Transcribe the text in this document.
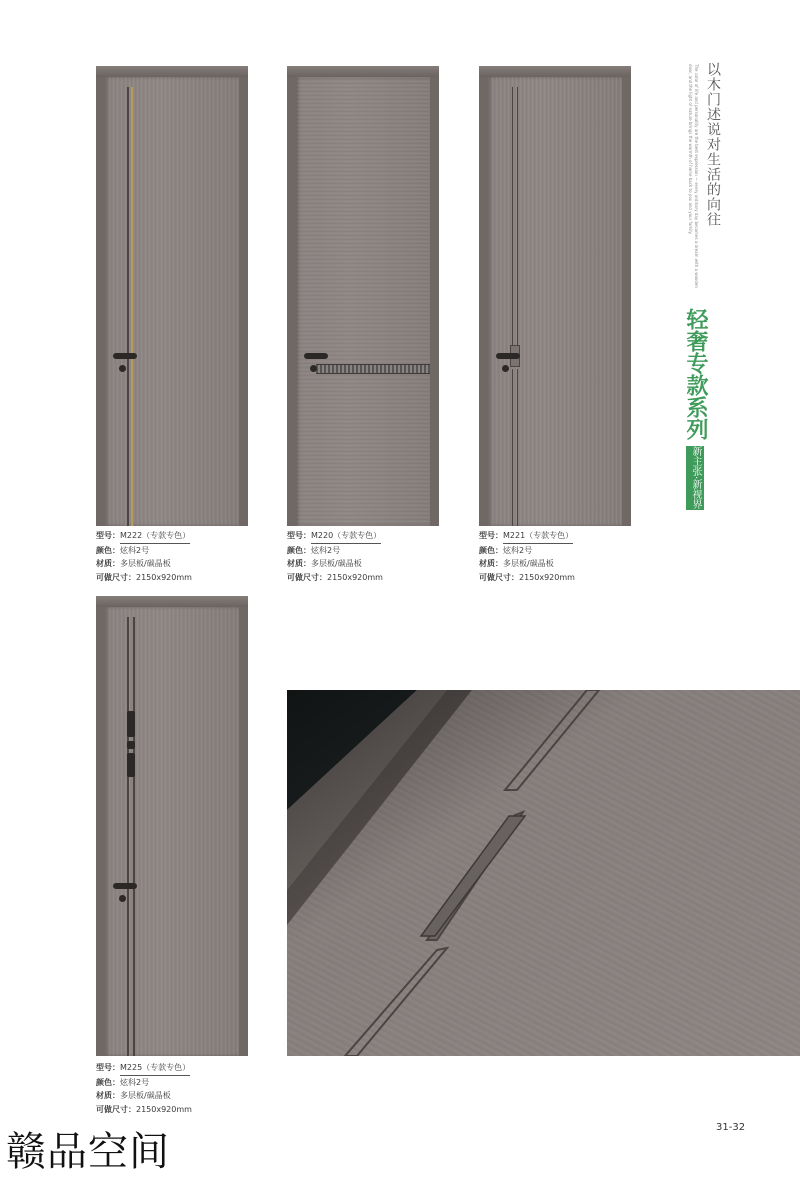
型号：M222（专款专色）
颜色：炫科2号
材质：多层板/碳晶板
可做尺寸：2150x920mm
型号：M220（专款专色）
颜色：炫科2号
材质：多层板/碳晶板
可做尺寸：2150x920mm
型号：M221（专款专色）
颜色：炫科2号
材质：多层板/碳晶板
可做尺寸：2150x920mm
型号：M225（专款专色）
颜色：炫科2号
材质：多层板/碳晶板
可做尺寸：2150x920mm
以木门述说对生活的向往
The color of life and personality are the best expression — every ordinary day becomes a dream with a wooden door, and the light of nature brings the warmth of home back to you and your family.
轻奢专款系列
新主张·新视界
赣品空间
31-32
